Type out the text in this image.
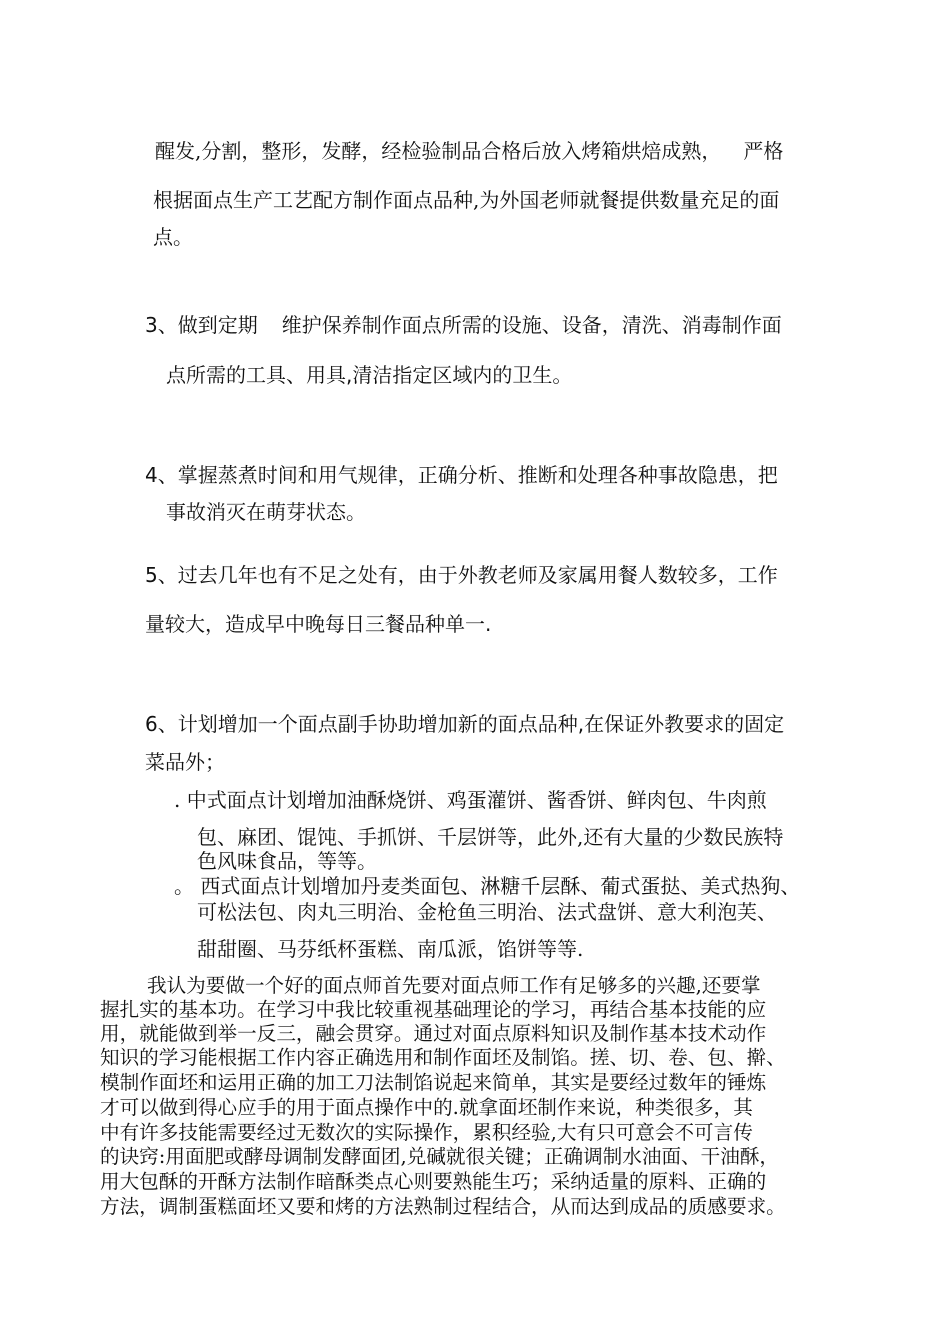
醒发,分割，整形，发酵，经检验制品合格后放入烤箱烘焙成熟， 严格
根据面点生产工艺配方制作面点品种,为外国老师就餐提供数量充足的面
点。
3、做到定期 维护保养制作面点所需的设施、设备，清洗、消毒制作面
点所需的工具、用具,清洁指定区域内的卫生。
4、掌握蒸煮时间和用气规律，正确分析、推断和处理各种事故隐患，把
事故消灭在萌芽状态。
5、过去几年也有不足之处有，由于外教老师及家属用餐人数较多，工作
量较大，造成早中晚每日三餐品种单一.
6、计划增加一个面点副手协助增加新的面点品种,在保证外教要求的固定
菜品外；
. 中式面点计划增加油酥烧饼、鸡蛋灌饼、酱香饼、鲜肉包、牛肉煎
包、麻团、馄饨、手抓饼、千层饼等，此外,还有大量的少数民族特
色风味食品，等等。
。 西式面点计划增加丹麦类面包、淋糖千层酥、葡式蛋挞、美式热狗、
可松法包、肉丸三明治、金枪鱼三明治、法式盘饼、意大利泡芙、
甜甜圈、马芬纸杯蛋糕、南瓜派，馅饼等等.
我认为要做一个好的面点师首先要对面点师工作有足够多的兴趣,还要掌
握扎实的基本功。在学习中我比较重视基础理论的学习，再结合基本技能的应
用，就能做到举一反三，融会贯穿。通过对面点原料知识及制作基本技术动作
知识的学习能根据工作内容正确选用和制作面坯及制馅。搓、切、卷、包、擀、
模制作面坯和运用正确的加工刀法制馅说起来简单，其实是要经过数年的锤炼
才可以做到得心应手的用于面点操作中的.就拿面坯制作来说，种类很多，其
中有许多技能需要经过无数次的实际操作，累积经验,大有只可意会不可言传
的诀窍:用面肥或酵母调制发酵面团,兑碱就很关键；正确调制水油面、干油酥，
用大包酥的开酥方法制作暗酥类点心则要熟能生巧；采纳适量的原料、正确的
方法，调制蛋糕面坯又要和烤的方法熟制过程结合，从而达到成品的质感要求。
